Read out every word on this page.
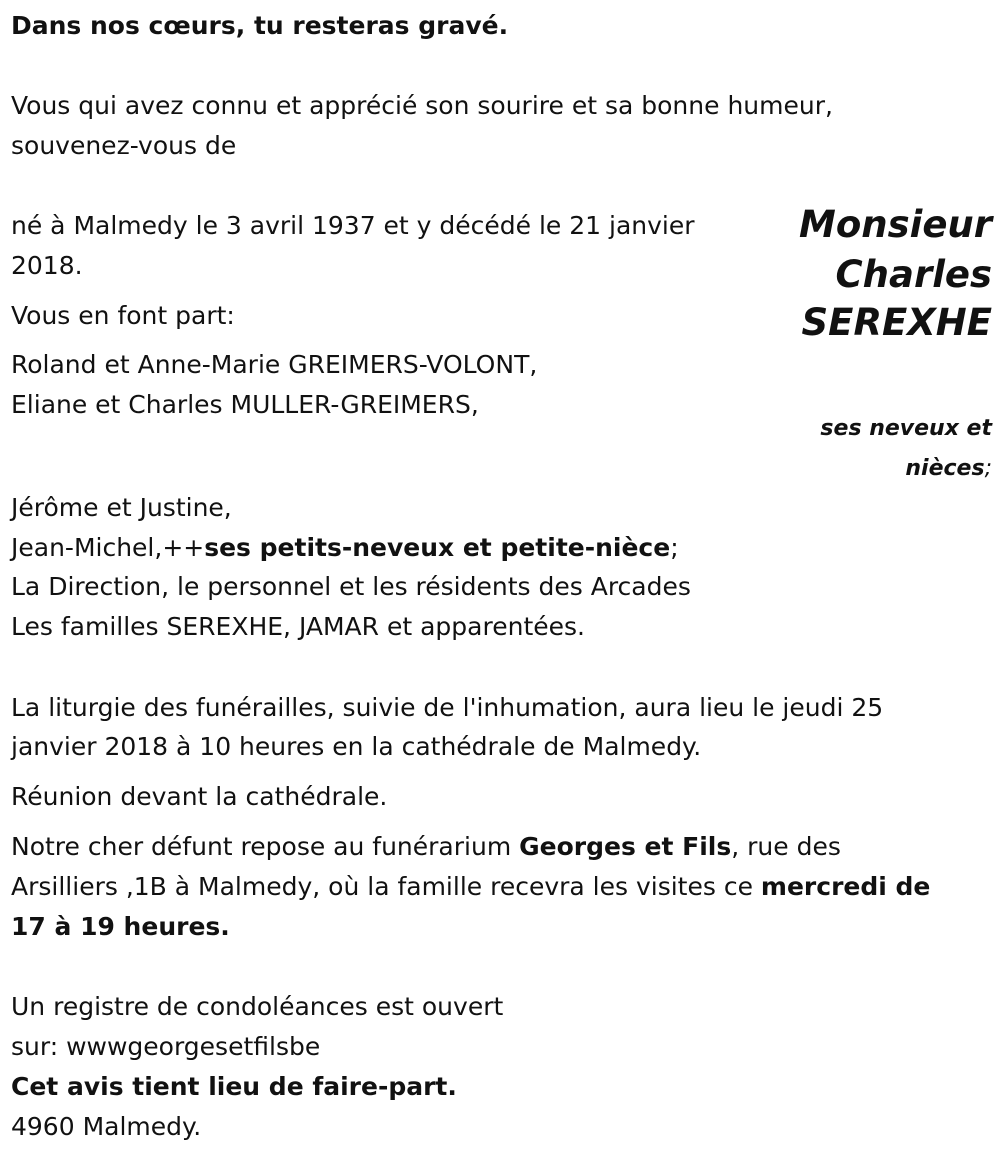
Dans nos cœurs, tu resteras gravé.
Vous qui avez connu et apprécié son sourire et sa bonne humeur,
souvenez-vous de
Monsieur
Charles
SEREXHE
né à Malmedy le 3 avril 1937 et y décédé le 21 janvier
2018.
Vous en font part:
Roland et Anne-Marie GREIMERS-VOLONT,
Eliane et Charles MULLER-GREIMERS,
ses neveux et
nièces;
Jérôme et Justine,
Jean-Michel,++ses petits-neveux et petite-nièce;
La Direction, le personnel et les résidents des Arcades
Les familles SEREXHE, JAMAR et apparentées.
La liturgie des funérailles, suivie de l'inhumation, aura lieu le jeudi 25
janvier 2018 à 10 heures en la cathédrale de Malmedy.
Réunion devant la cathédrale.
Notre cher défunt repose au funérarium Georges et Fils, rue des
Arsilliers ,1B à Malmedy, où la famille recevra les visites ce mercredi de
17 à 19 heures.
Un registre de condoléances est ouvert
sur: wwwgeorgesetfilsbe
Cet avis tient lieu de faire-part.
4960 Malmedy.
